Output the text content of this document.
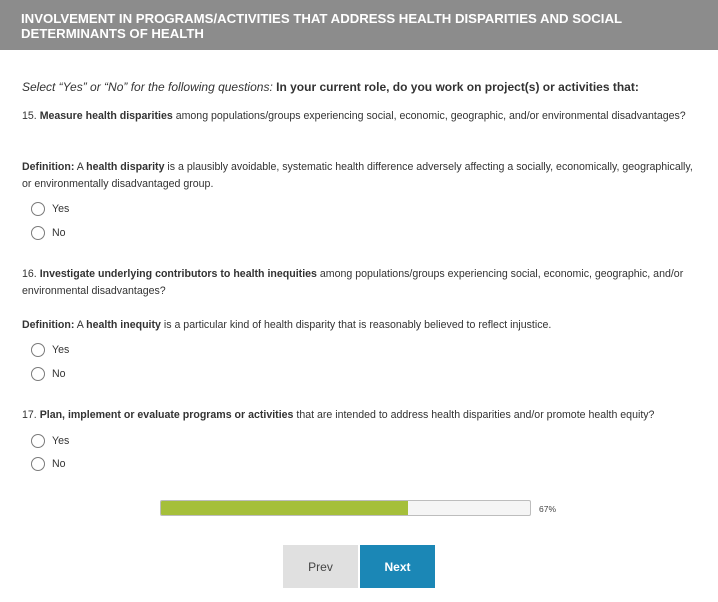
INVOLVEMENT IN PROGRAMS/ACTIVITIES THAT ADDRESS HEALTH DISPARITIES AND SOCIAL
DETERMINANTS OF HEALTH
Select “Yes” or “No” for the following questions: In your current role, do you work on project(s) or activities that:
15. Measure health disparities among populations/groups experiencing social, economic, geographic, and/or environmental disadvantages?
Definition: A health disparity is a plausibly avoidable, systematic health difference adversely affecting a socially, economically, geographically, or environmentally disadvantaged group.
Yes
No
16. Investigate underlying contributors to health inequities among populations/groups experiencing social, economic, geographic, and/or environmental disadvantages?
Definition: A health inequity is a particular kind of health disparity that is reasonably believed to reflect injustice.
Yes
No
17. Plan, implement or evaluate programs or activities that are intended to address health disparities and/or promote health equity?
Yes
No
67%
Prev	Next
